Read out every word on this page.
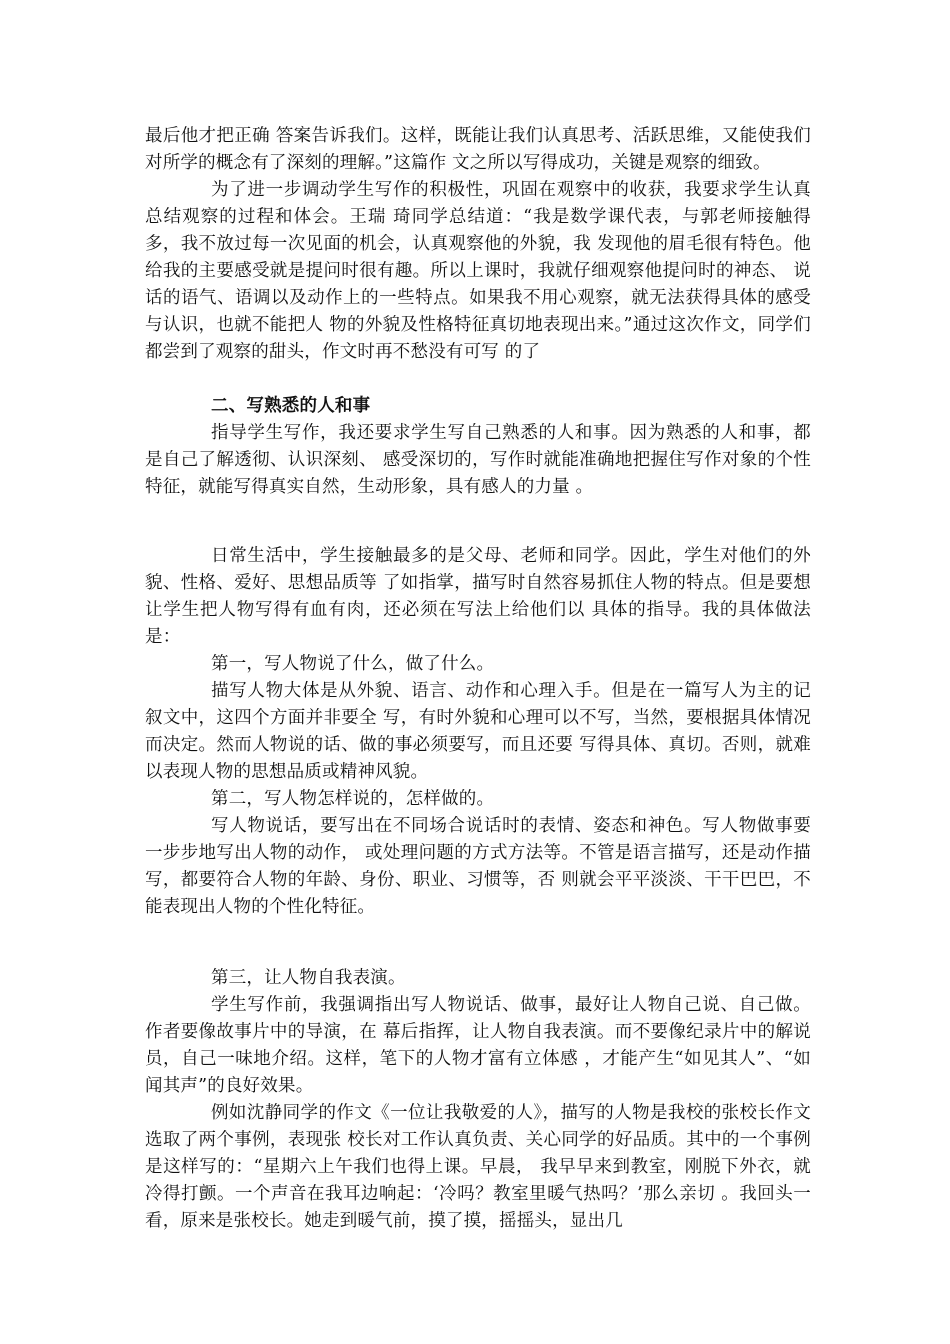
最后他才把正确 答案告诉我们。这样，既能让我们认真思考、活跃思维，又能使我们对所学的概念有了深刻的理解。”这篇作 文之所以写得成功，关键是观察的细致。

为了进一步调动学生写作的积极性，巩固在观察中的收获，我要求学生认真总结观察的过程和体会。王瑞 琦同学总结道：“我是数学课代表，与郭老师接触得多，我不放过每一次见面的机会，认真观察他的外貌，我 发现他的眉毛很有特色。他给我的主要感受就是提问时很有趣。所以上课时，我就仔细观察他提问时的神态、 说话的语气、语调以及动作上的一些特点。如果我不用心观察，就无法获得具体的感受与认识，也就不能把人 物的外貌及性格特征真切地表现出来。”通过这次作文，同学们都尝到了观察的甜头，作文时再不愁没有可写 的了

二、写熟悉的人和事

指导学生写作，我还要求学生写自己熟悉的人和事。因为熟悉的人和事，都是自己了解透彻、认识深刻、 感受深切的，写作时就能准确地把握住写作对象的个性特征，就能写得真实自然，生动形象，具有感人的力量 。

日常生活中，学生接触最多的是父母、老师和同学。因此，学生对他们的外貌、性格、爱好、思想品质等 了如指掌，描写时自然容易抓住人物的特点。但是要想让学生把人物写得有血有肉，还必须在写法上给他们以 具体的指导。我的具体做法是：

第一，写人物说了什么，做了什么。

描写人物大体是从外貌、语言、动作和心理入手。但是在一篇写人为主的记叙文中，这四个方面并非要全 写，有时外貌和心理可以不写，当然，要根据具体情况而决定。然而人物说的话、做的事必须要写，而且还要 写得具体、真切。否则，就难以表现人物的思想品质或精神风貌。

第二，写人物怎样说的，怎样做的。

写人物说话，要写出在不同场合说话时的表情、姿态和神色。写人物做事要一步步地写出人物的动作， 或处理问题的方式方法等。不管是语言描写，还是动作描写，都要符合人物的年龄、身份、职业、习惯等，否 则就会平平淡淡、干干巴巴，不能表现出人物的个性化特征。

第三，让人物自我表演。

学生写作前，我强调指出写人物说话、做事，最好让人物自己说、自己做。作者要像故事片中的导演，在 幕后指挥，让人物自我表演。而不要像纪录片中的解说员，自己一味地介绍。这样，笔下的人物才富有立体感 ，才能产生“如见其人”、“如闻其声”的良好效果。

例如沈静同学的作文《一位让我敬爱的人》，描写的人物是我校的张校长作文选取了两个事例，表现张 校长对工作认真负责、关心同学的好品质。其中的一个事例是这样写的：“星期六上午我们也得上课。早晨， 我早早来到教室，刚脱下外衣，就冷得打颤。一个声音在我耳边响起：‘冷吗？教室里暖气热吗？’那么亲切 。我回头一看，原来是张校长。她走到暖气前，摸了摸，摇摇头，显出几
